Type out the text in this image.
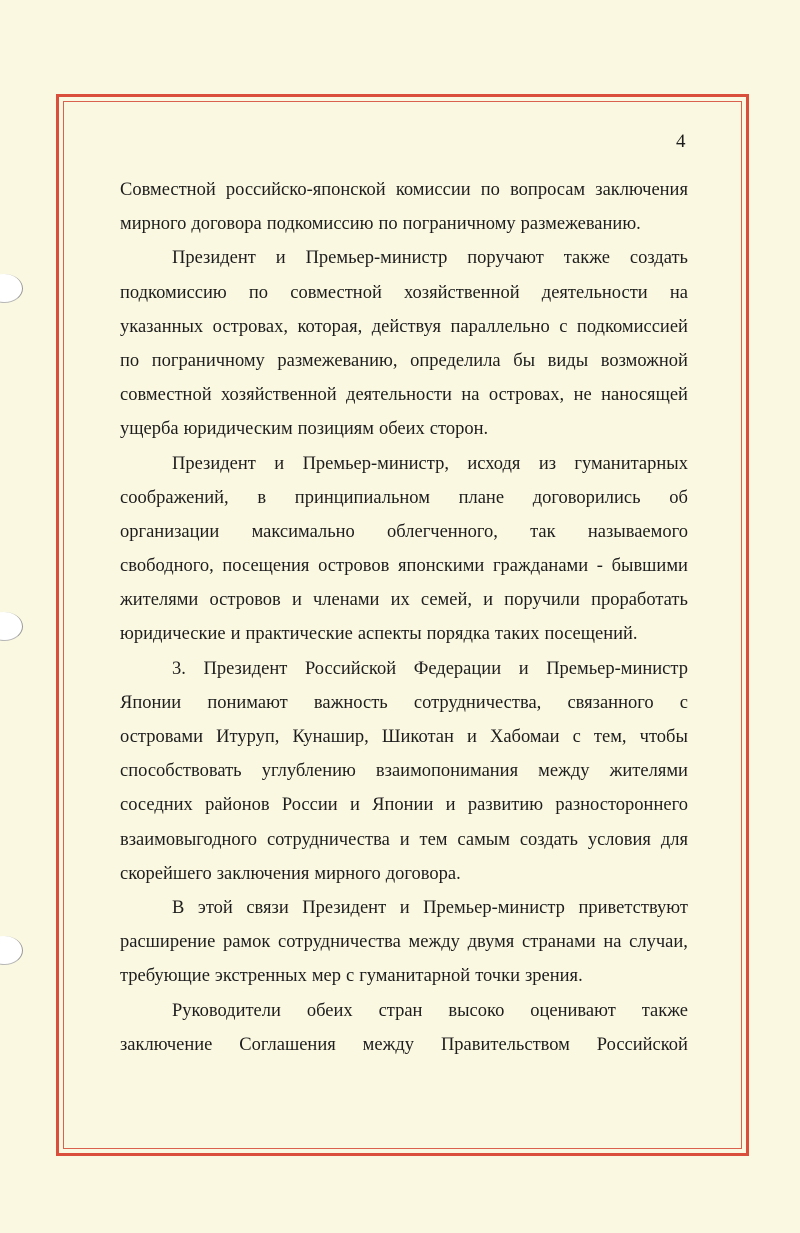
4
Совместной российско-японской комиссии по вопросам заключения
мирного договора подкомиссию по пограничному размежеванию.
Президент и Премьер-министр поручают также создать
подкомиссию по совместной хозяйственной деятельности на
указанных островах, которая, действуя параллельно с подкомиссией
по пограничному размежеванию, определила бы виды возможной
совместной хозяйственной деятельности на островах, не наносящей
ущерба юридическим позициям обеих сторон.
Президент и Премьер-министр, исходя из гуманитарных
соображений, в принципиальном плане договорились об
организации максимально облегченного, так называемого
свободного, посещения островов японскими гражданами - бывшими
жителями островов и членами их семей, и поручили проработать
юридические и практические аспекты порядка таких посещений.
3. Президент Российской Федерации и Премьер-министр
Японии понимают важность сотрудничества, связанного с
островами Итуруп, Кунашир, Шикотан и Хабомаи с тем, чтобы
способствовать углублению взаимопонимания между жителями
соседних районов России и Японии и развитию разностороннего
взаимовыгодного сотрудничества и тем самым создать условия для
скорейшего заключения мирного договора.
В этой связи Президент и Премьер-министр приветствуют
расширение рамок сотрудничества между двумя странами на случаи,
требующие экстренных мер с гуманитарной точки зрения.
Руководители обеих стран высоко оценивают также
заключение Соглашения между Правительством Российской
